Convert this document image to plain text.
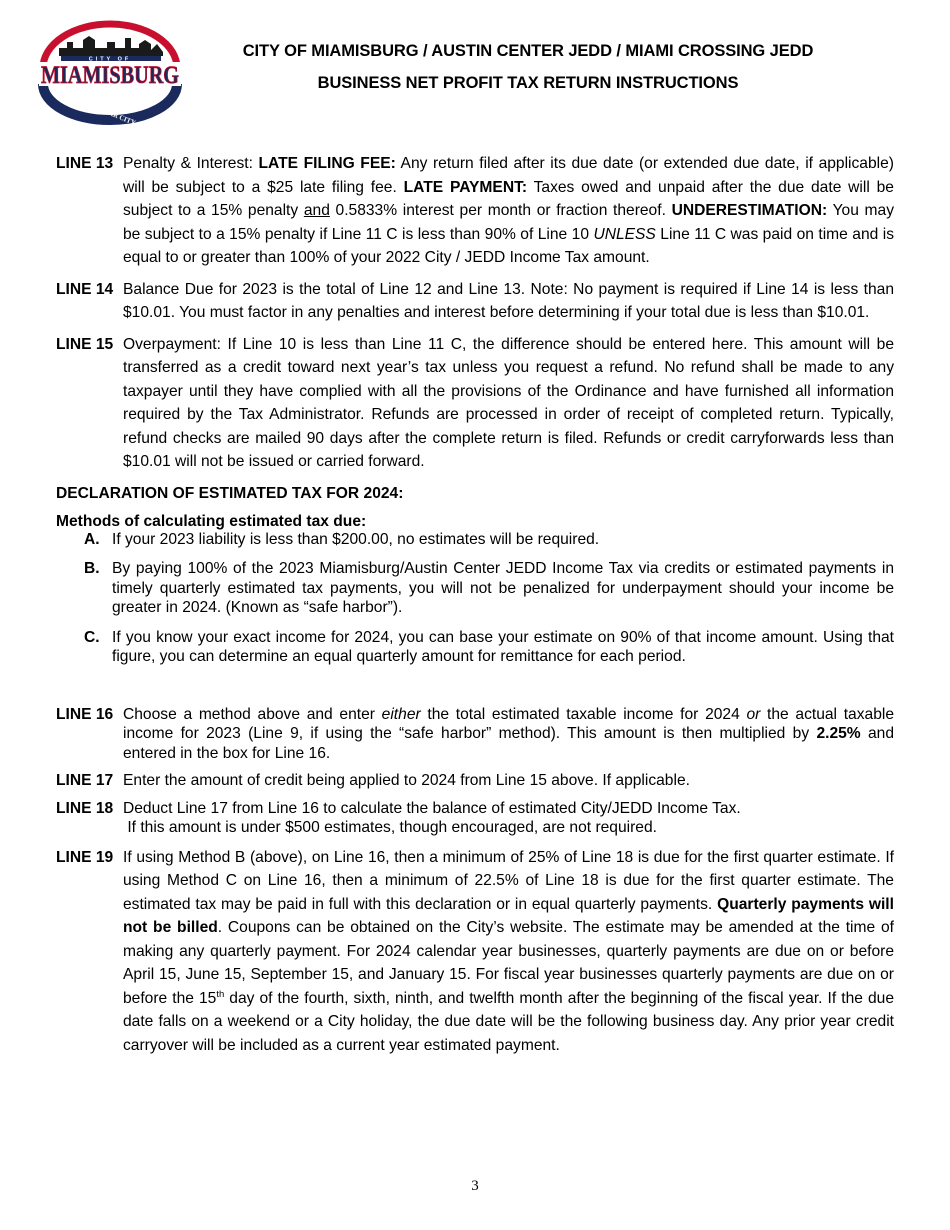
CITY OF
MIAMISBURG
OHIO'S STAR CITY
CITY OF MIAMISBURG / AUSTIN CENTER JEDD / MIAMI CROSSING JEDD
BUSINESS NET PROFIT TAX RETURN INSTRUCTIONS
LINE 13 Penalty & Interest: LATE FILING FEE: Any return filed after its due date (or extended due date, if applicable) will be subject to a $25 late filing fee. LATE PAYMENT: Taxes owed and unpaid after the due date will be subject to a 15% penalty and 0.5833% interest per month or fraction thereof. UNDERESTIMATION: You may be subject to a 15% penalty if Line 11 C is less than 90% of Line 10 UNLESS Line 11 C was paid on time and is equal to or greater than 100% of your 2022 City / JEDD Income Tax amount.
LINE 14 Balance Due for 2023 is the total of Line 12 and Line 13. Note: No payment is required if Line 14 is less than $10.01. You must factor in any penalties and interest before determining if your total due is less than $10.01.
LINE 15 Overpayment: If Line 10 is less than Line 11 C, the difference should be entered here. This amount will be transferred as a credit toward next year’s tax unless you request a refund. No refund shall be made to any taxpayer until they have complied with all the provisions of the Ordinance and have furnished all information required by the Tax Administrator. Refunds are processed in order of receipt of completed return. Typically, refund checks are mailed 90 days after the complete return is filed. Refunds or credit carryforwards less than $10.01 will not be issued or carried forward.
DECLARATION OF ESTIMATED TAX FOR 2024:
Methods of calculating estimated tax due:
A. If your 2023 liability is less than $200.00, no estimates will be required.
B. By paying 100% of the 2023 Miamisburg/Austin Center JEDD Income Tax via credits or estimated payments in timely quarterly estimated tax payments, you will not be penalized for underpayment should your income be greater in 2024. (Known as “safe harbor”).
C. If you know your exact income for 2024, you can base your estimate on 90% of that income amount. Using that figure, you can determine an equal quarterly amount for remittance for each period.
LINE 16 Choose a method above and enter either the total estimated taxable income for 2024 or the actual taxable income for 2023 (Line 9, if using the “safe harbor” method). This amount is then multiplied by 2.25% and entered in the box for Line 16.
LINE 17 Enter the amount of credit being applied to 2024 from Line 15 above. If applicable.
LINE 18 Deduct Line 17 from Line 16 to calculate the balance of estimated City/JEDD Income Tax.
If this amount is under $500 estimates, though encouraged, are not required.
LINE 19 If using Method B (above), on Line 16, then a minimum of 25% of Line 18 is due for the first quarter estimate. If using Method C on Line 16, then a minimum of 22.5% of Line 18 is due for the first quarter estimate. The estimated tax may be paid in full with this declaration or in equal quarterly payments. Quarterly payments will not be billed. Coupons can be obtained on the City’s website. The estimate may be amended at the time of making any quarterly payment. For 2024 calendar year businesses, quarterly payments are due on or before April 15, June 15, September 15, and January 15. For fiscal year businesses quarterly payments are due on or before the 15th day of the fourth, sixth, ninth, and twelfth month after the beginning of the fiscal year. If the due date falls on a weekend or a City holiday, the due date will be the following business day. Any prior year credit carryover will be included as a current year estimated payment.
3
